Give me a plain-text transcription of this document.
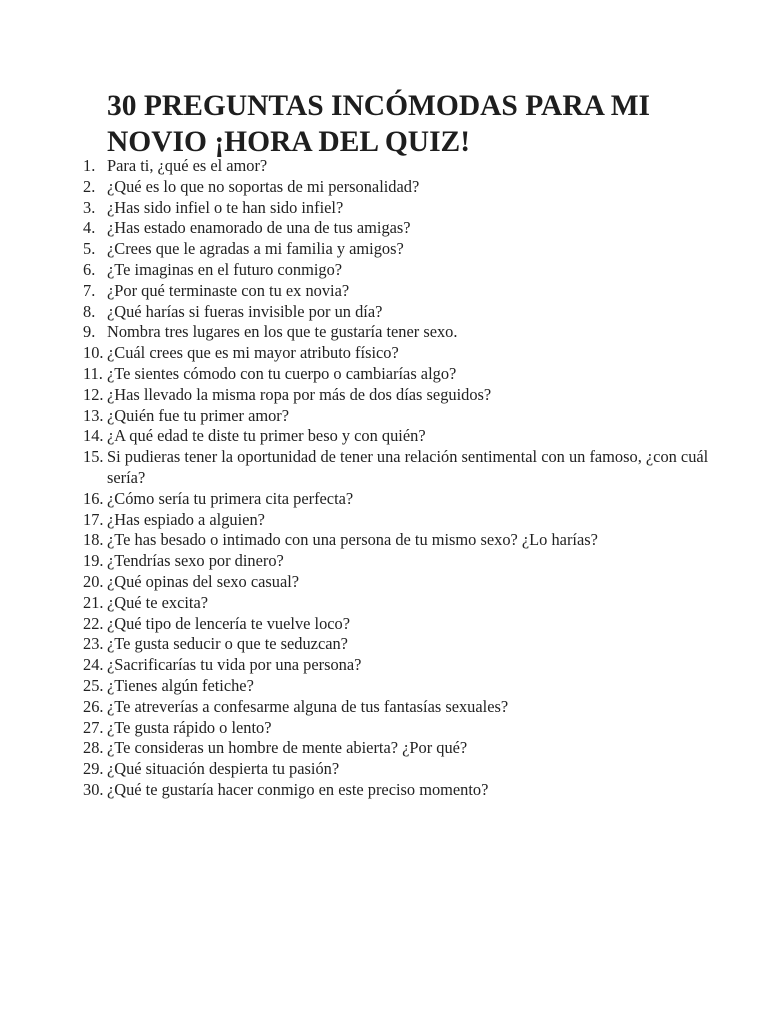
30 PREGUNTAS INCÓMODAS PARA MI
NOVIO ¡HORA DEL QUIZ!
1. Para ti, ¿qué es el amor?
2. ¿Qué es lo que no soportas de mi personalidad?
3. ¿Has sido infiel o te han sido infiel?
4. ¿Has estado enamorado de una de tus amigas?
5. ¿Crees que le agradas a mi familia y amigos?
6. ¿Te imaginas en el futuro conmigo?
7. ¿Por qué terminaste con tu ex novia?
8. ¿Qué harías si fueras invisible por un día?
9. Nombra tres lugares en los que te gustaría tener sexo.
10. ¿Cuál crees que es mi mayor atributo físico?
11. ¿Te sientes cómodo con tu cuerpo o cambiarías algo?
12. ¿Has llevado la misma ropa por más de dos días seguidos?
13. ¿Quién fue tu primer amor?
14. ¿A qué edad te diste tu primer beso y con quién?
15. Si pudieras tener la oportunidad de tener una relación sentimental con un famoso, ¿con cuál sería?
16. ¿Cómo sería tu primera cita perfecta?
17. ¿Has espiado a alguien?
18. ¿Te has besado o intimado con una persona de tu mismo sexo? ¿Lo harías?
19. ¿Tendrías sexo por dinero?
20. ¿Qué opinas del sexo casual?
21. ¿Qué te excita?
22. ¿Qué tipo de lencería te vuelve loco?
23. ¿Te gusta seducir o que te seduzcan?
24. ¿Sacrificarías tu vida por una persona?
25. ¿Tienes algún fetiche?
26. ¿Te atreverías a confesarme alguna de tus fantasías sexuales?
27. ¿Te gusta rápido o lento?
28. ¿Te consideras un hombre de mente abierta? ¿Por qué?
29. ¿Qué situación despierta tu pasión?
30. ¿Qué te gustaría hacer conmigo en este preciso momento?
